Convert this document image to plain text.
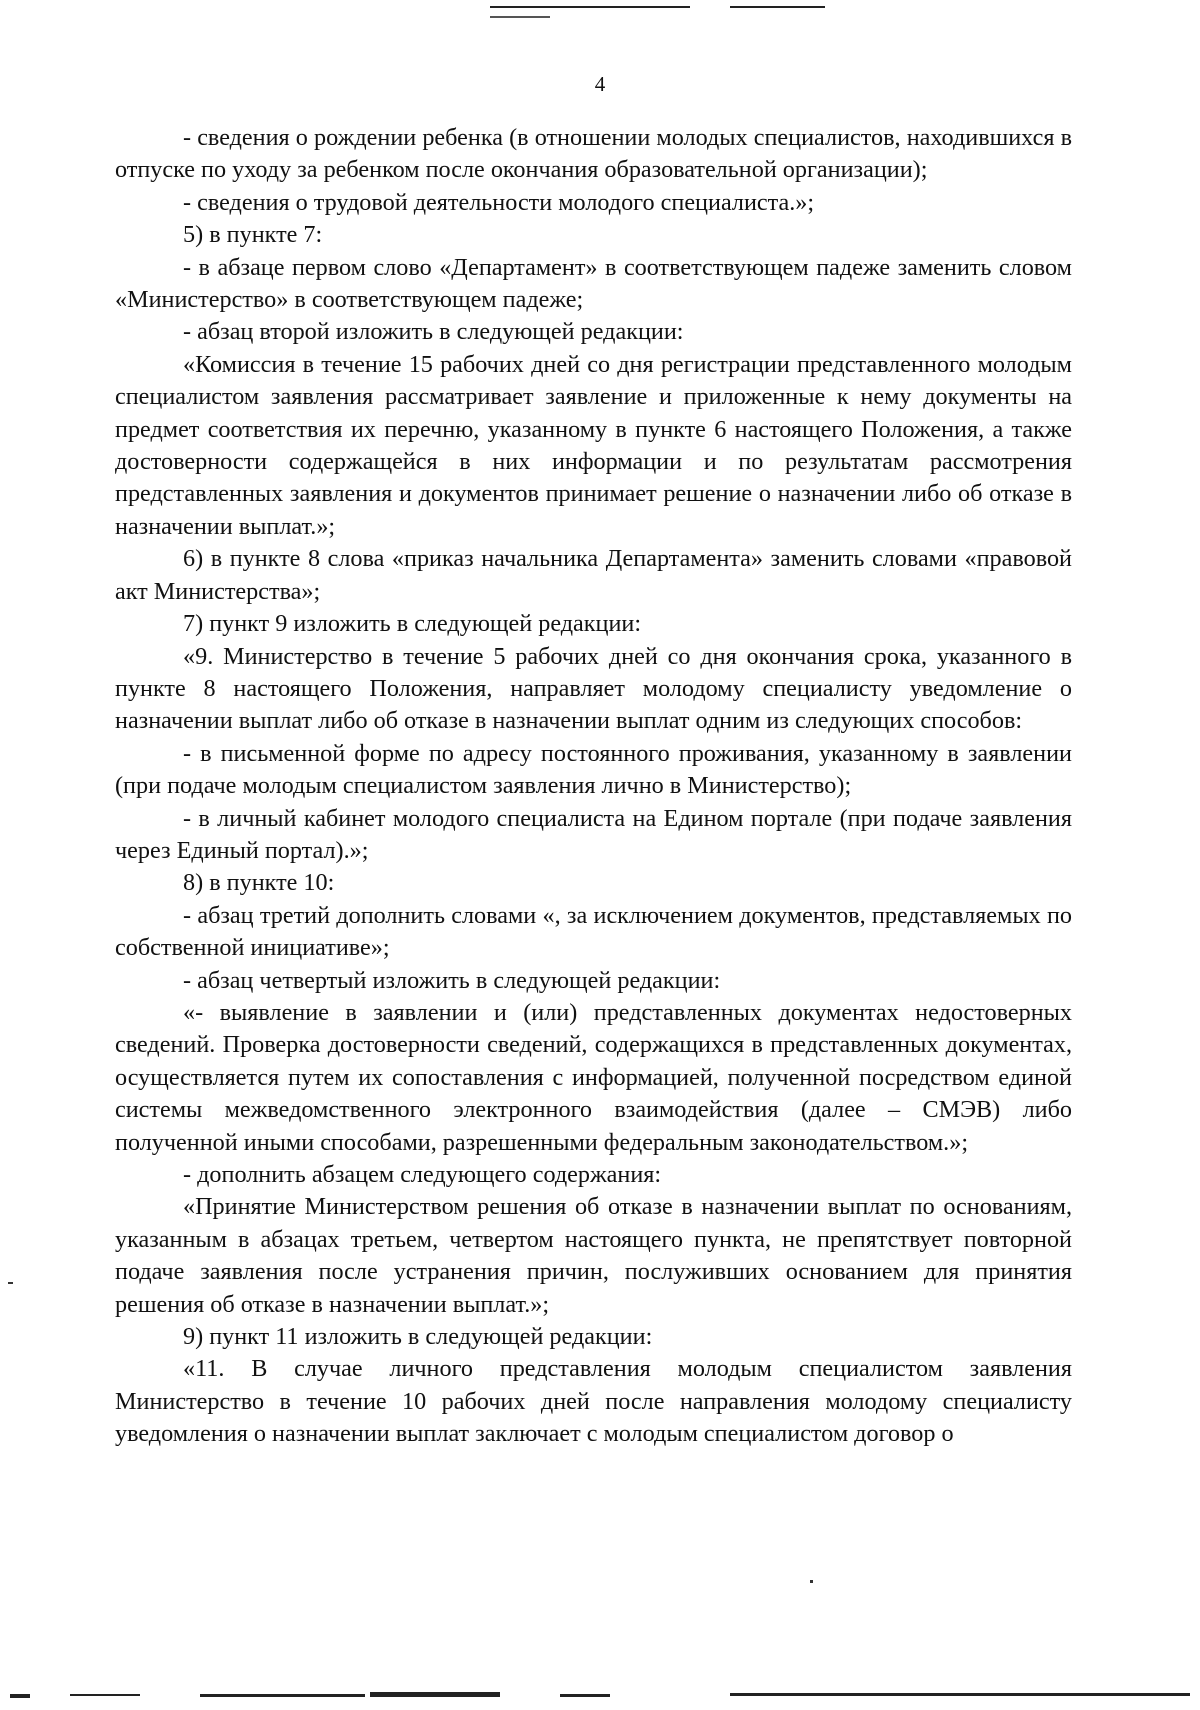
4

- сведения о рождении ребенка (в отношении молодых специалистов, находившихся в отпуске по уходу за ребенком после окончания образовательной организации);

- сведения о трудовой деятельности молодого специалиста.»;

5) в пункте 7:

- в абзаце первом слово «Департамент» в соответствующем падеже заменить словом «Министерство» в соответствующем падеже;

- абзац второй изложить в следующей редакции:

«Комиссия в течение 15 рабочих дней со дня регистрации представленного молодым специалистом заявления рассматривает заявление и приложенные к нему документы на предмет соответствия их перечню, указанному в пункте 6 настоящего Положения, а также достоверности содержащейся в них информации и по результатам рассмотрения представленных заявления и документов принимает решение о назначении либо об отказе в назначении выплат.»;

6) в пункте 8 слова «приказ начальника Департамента» заменить словами «правовой акт Министерства»;

7) пункт 9 изложить в следующей редакции:

«9. Министерство в течение 5 рабочих дней со дня окончания срока, указанного в пункте 8 настоящего Положения, направляет молодому специалисту уведомление о назначении выплат либо об отказе в назначении выплат одним из следующих способов:

- в письменной форме по адресу постоянного проживания, указанному в заявлении (при подаче молодым специалистом заявления лично в Министерство);

- в личный кабинет молодого специалиста на Едином портале (при подаче заявления через Единый портал).»;

8) в пункте 10:

- абзац третий дополнить словами «, за исключением документов, представляемых по собственной инициативе»;

- абзац четвертый изложить в следующей редакции:

«- выявление в заявлении и (или) представленных документах недостоверных сведений. Проверка достоверности сведений, содержащихся в представленных документах, осуществляется путем их сопоставления с информацией, полученной посредством единой системы межведомственного электронного взаимодействия (далее – СМЭВ) либо полученной иными способами, разрешенными федеральным законодательством.»;

- дополнить абзацем следующего содержания:

«Принятие Министерством решения об отказе в назначении выплат по основаниям, указанным в абзацах третьем, четвертом настоящего пункта, не препятствует повторной подаче заявления после устранения причин, послуживших основанием для принятия решения об отказе в назначении выплат.»;

9) пункт 11 изложить в следующей редакции:

«11. В случае личного представления молодым специалистом заявления Министерство в течение 10 рабочих дней после направления молодому специалисту уведомления о назначении выплат заключает с молодым специалистом договор о
